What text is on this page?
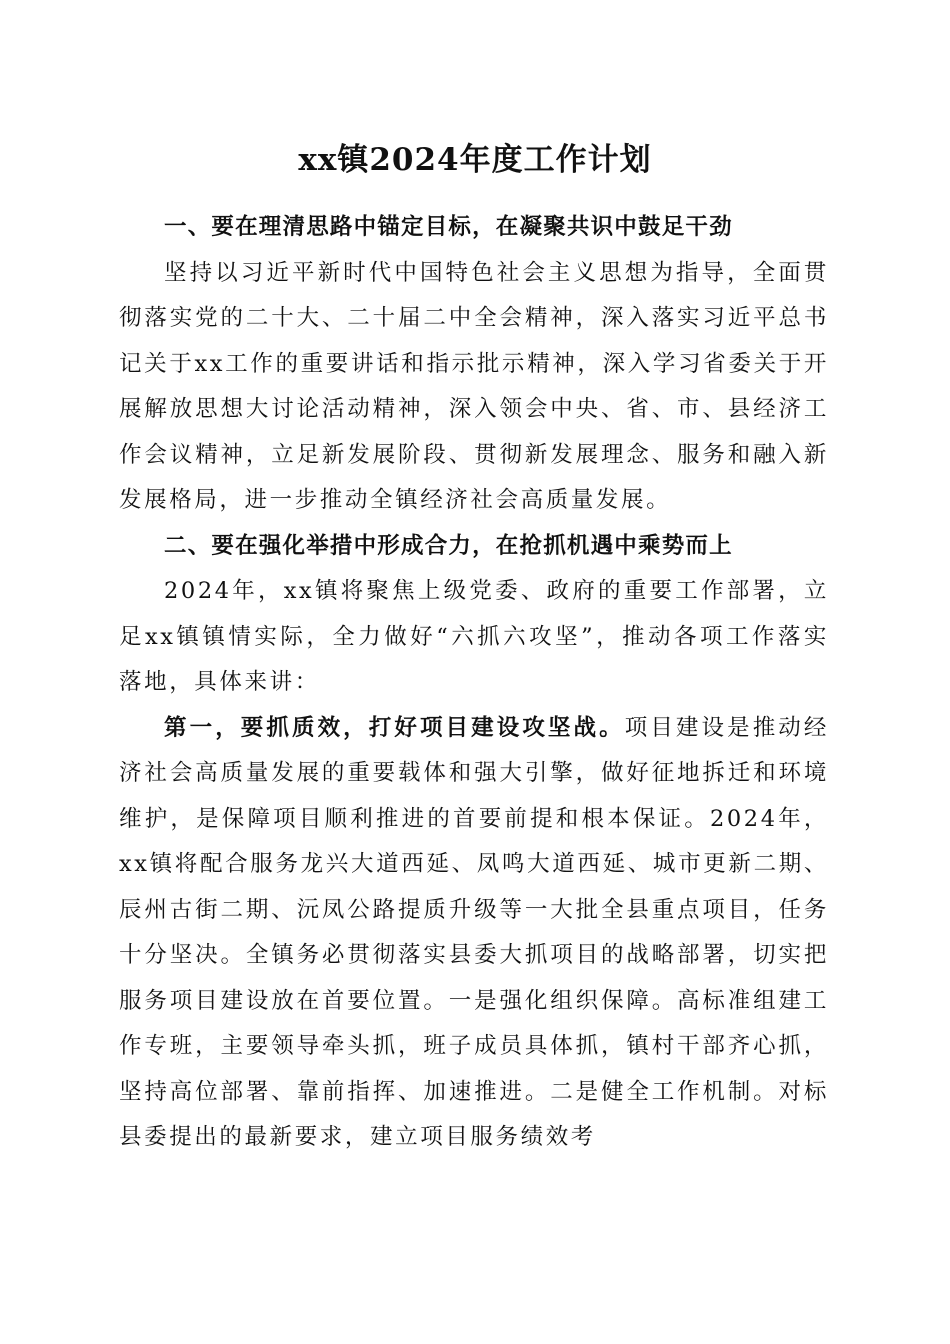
xx镇2024年度工作计划

一、要在理清思路中锚定目标，在凝聚共识中鼓足干劲

坚持以习近平新时代中国特色社会主义思想为指导，全面贯彻落实党的二十大、二十届二中全会精神，深入落实习近平总书记关于xx工作的重要讲话和指示批示精神，深入学习省委关于开展解放思想大讨论活动精神，深入领会中央、省、市、县经济工作会议精神，立足新发展阶段、贯彻新发展理念、服务和融入新发展格局，进一步推动全镇经济社会高质量发展。

二、要在强化举措中形成合力，在抢抓机遇中乘势而上

2024年，xx镇将聚焦上级党委、政府的重要工作部署，立足xx镇镇情实际，全力做好“六抓六攻坚”，推动各项工作落实落地，具体来讲：

第一，要抓质效，打好项目建设攻坚战。项目建设是推动经济社会高质量发展的重要载体和强大引擎，做好征地拆迁和环境维护，是保障项目顺利推进的首要前提和根本保证。2024年，xx镇将配合服务龙兴大道西延、凤鸣大道西延、城市更新二期、辰州古街二期、沅凤公路提质升级等一大批全县重点项目，任务十分坚决。全镇务必贯彻落实县委大抓项目的战略部署，切实把服务项目建设放在首要位置。一是强化组织保障。高标准组建工作专班，主要领导牵头抓，班子成员具体抓，镇村干部齐心抓，坚持高位部署、靠前指挥、加速推进。二是健全工作机制。对标县委提出的最新要求，建立项目服务绩效考
